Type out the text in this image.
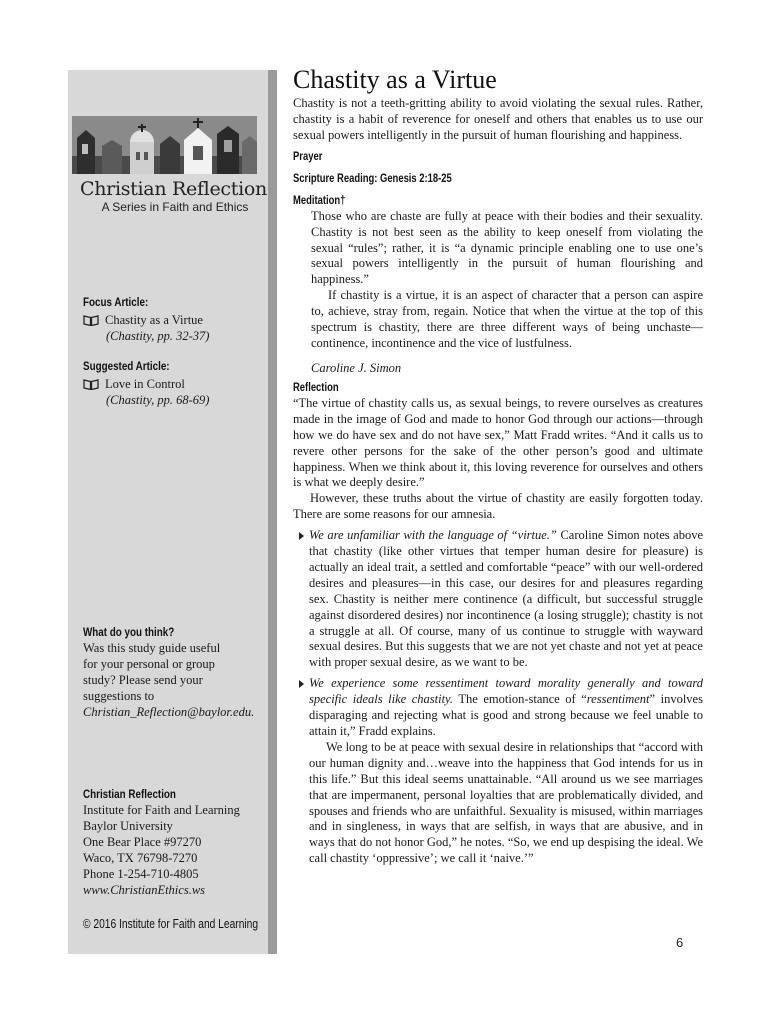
Christian Reflection
A Series in Faith and Ethics
Focus Article:
Chastity as a Virtue
(Chastity, pp. 32-37)
Suggested Article:
Love in Control
(Chastity, pp. 68-69)
What do you think?
Was this study guide useful
for your personal or group
study? Please send your
suggestions to
Christian_Reflection@baylor.edu.
Christian Reflection
Institute for Faith and Learning
Baylor University
One Bear Place #97270
Waco, TX 76798-7270
Phone 1-254-710-4805
www.ChristianEthics.ws
© 2016 Institute for Faith and Learning
Chastity as a Virtue

Chastity is not a teeth-gritting ability to avoid violating the sexual rules. Rather, chastity is a habit of reverence for oneself and others that enables us to use our sexual powers intelligently in the pursuit of human flourishing and happiness.

Prayer
Scripture Reading: Genesis 2:18-25
Meditation†

Those who are chaste are fully at peace with their bodies and their sexuality. Chastity is not best seen as the ability to keep oneself from violating the sexual “rules”; rather, it is “a dynamic principle enabling one to use one’s sexual powers intelligently in the pursuit of human flourishing and happiness.”

If chastity is a virtue, it is an aspect of character that a person can aspire to, achieve, stray from, regain. Notice that when the virtue at the top of this spectrum is chastity, there are three different ways of being unchaste—continence, incontinence and the vice of lustfulness.

Caroline J. Simon
Reflection

“The virtue of chastity calls us, as sexual beings, to revere ourselves as creatures made in the image of God and made to honor God through our actions—through how we do have sex and do not have sex,” Matt Fradd writes. “And it calls us to revere other persons for the sake of the other person’s good and ultimate happiness. When we think about it, this loving reverence for ourselves and others is what we deeply desire.”

However, these truths about the virtue of chastity are easily forgotten today. There are some reasons for our amnesia.

We are unfamiliar with the language of “virtue.” Caroline Simon notes above that chastity (like other virtues that temper human desire for pleasure) is actually an ideal trait, a settled and comfortable “peace” with our well-ordered desires and pleasures—in this case, our desires for and pleasures regarding sex. Chastity is neither mere continence (a difficult, but successful struggle against disordered desires) nor incontinence (a losing struggle); chastity is not a struggle at all. Of course, many of us continue to struggle with wayward sexual desires. But this suggests that we are not yet chaste and not yet at peace with proper sexual desire, as we want to be.

We experience some ressentiment toward morality generally and toward specific ideals like chastity. The emotion-stance of “ressentiment” involves disparaging and rejecting what is good and strong because we feel unable to attain it,” Fradd explains.

We long to be at peace with sexual desire in relationships that “accord with our human dignity and…weave into the happiness that God intends for us in this life.” But this ideal seems unattainable. “All around us we see marriages that are impermanent, personal loyalties that are problematically divided, and spouses and friends who are unfaithful. Sexuality is misused, within marriages and in singleness, in ways that are selfish, in ways that are abusive, and in ways that do not honor God,” he notes. “So, we end up despising the ideal. We call chastity ‘oppressive’; we call it ‘naive.’”

6
